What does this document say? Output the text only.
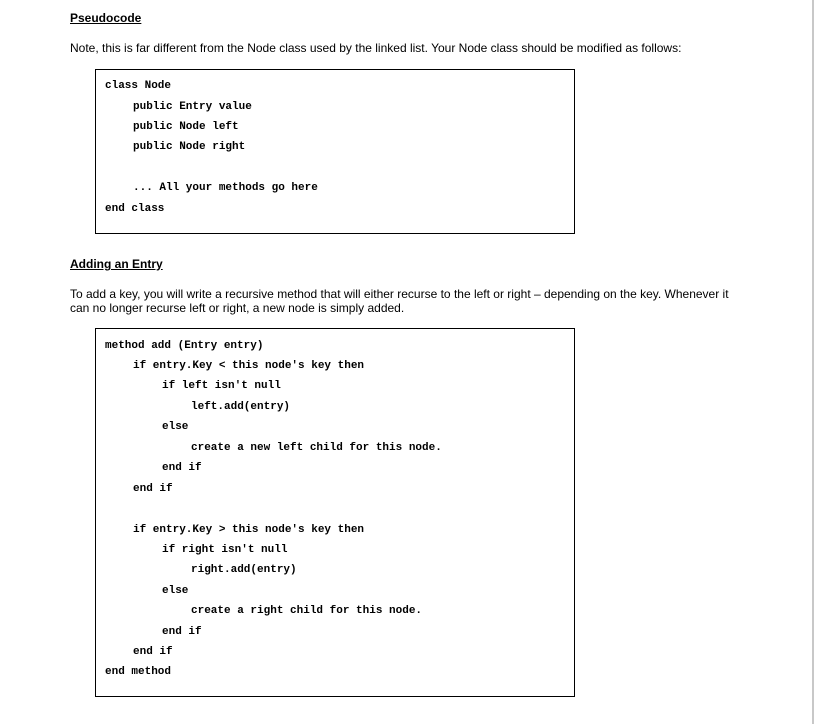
Pseudocode
Note, this is far different from the Node class used by the linked list. Your Node class should be modified as follows:
class Node
public Entry value
public Node left
public Node right
... All your methods go here
end class
Adding an Entry
To add a key, you will write a recursive method that will either recurse to the left or right – depending on the key. Whenever it can no longer recurse left or right, a new node is simply added.
method add (Entry entry)
if entry.Key < this node's key then
if left isn't null
left.add(entry)
else
create a new left child for this node.
end if
end if
if entry.Key > this node's key then
if right isn't null
right.add(entry)
else
create a right child for this node.
end if
end if
end method
